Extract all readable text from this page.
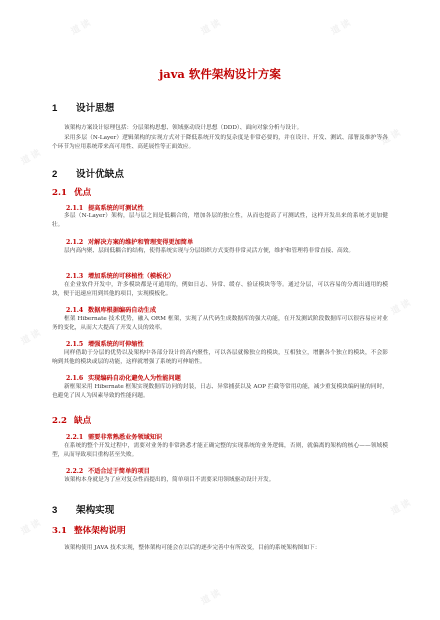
道 读	道 读	道 读
道 读
道 读
道 读
道 读
道 读
道 读
道 读
java 软件架构设计方案
1 设计思想
该架构方案设计原理包括：分层架构思想、领域驱动设计思想（DDD）、面向对象分析与设计。
采用多层（N-Layer）逻辑架构的实现方式对于降低系统开发的复杂度是非常必要的，并在设计、开发、测试、部署及维护等各个环节为应用系统带来高可用性、高延展性等正面效应。
2 设计优缺点
2.1 优点
2.1.1 提高系统的可测试性
多层（N-Layer）架构，层与层之间是低耦合的，增加各层的独立性，从而也提高了可测试性，这样开发出来的系统才更加健壮。
2.1.2 对解决方案的维护和管理变得更加简单
层内高内聚、层间低耦合的结构，使得系统实现与分层组织方式变得非常灵活方便，维护和管理将非常直接、高效。
2.1.3 增加系统的可移植性（模板化）
在企业软件开发中，许多模块都是可通用的，例如日志、异常、缓存、验证模块等等。通过分层，可以容易的分离出通用的模块，便于迅速应用到其他的项目，实现模板化。
2.1.4 数据库根据编码自动生成
框架 Hibernate 技术优势，融入 ORM 框架，实现了从代码生成数据库的强大功能，在开发测试阶段数据库可以很容易应对业务的变化，从而大大提高了开发人员的效率。
2.1.5 增强系统的可伸缩性
同样借助于分层的优势以及架构中各部分设计的高内聚性，可以各层就像独立的模块，互相独立，增删各个独立的模块，不会影响到其他的模块或层的功能，这样就增强了系统的可伸缩性。
2.1.6 实现编码自动化避免人为性能问题
新框架采用 Hibernate 框架实现数据库访问的封装，日志、异常捕获以及 AOP 拦截等常用功能，减少重复模块编码量的同时，也避免了因人为因素导致的性能问题。
2.2 缺点
2.2.1 需要非常熟悉业务领域知识
在系统的整个开发过程中，需要对业务的非常熟悉才能正确完整的实现系统的业务逻辑，否则，就偏离的架构的核心——领域模型，从而导致项目重构甚至失败。
2.2.2 不适合过于简单的项目
该架构本身就是为了应对复杂性而提出的，简单项目不需要采用领域驱动设计开发。
3 架构实现
3.1 整体架构说明
该架构使用 JAVA 技术实现，整体架构可能会在以后的逐步完善中有所改变，目前的系统架构图如下：
